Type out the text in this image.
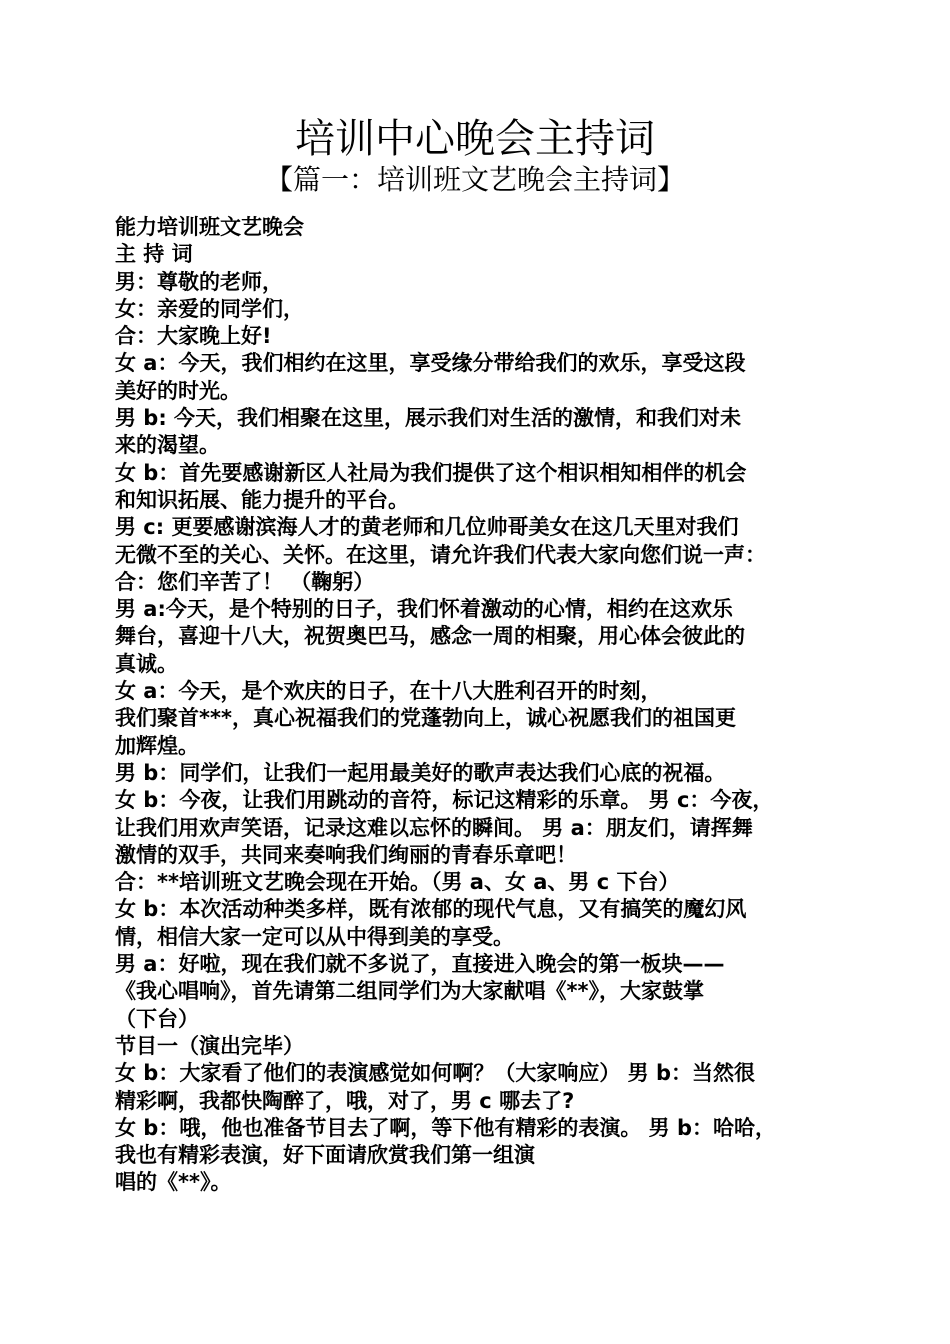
培训中心晚会主持词
【篇一：培训班文艺晚会主持词】
能力培训班文艺晚会
主 持 词
男：尊敬的老师，
女：亲爱的同学们，
合：大家晚上好!
女 a：今天，我们相约在这里，享受缘分带给我们的欢乐，享受这段
美好的时光。
男 b: 今天，我们相聚在这里，展示我们对生活的激情，和我们对未
来的渴望。
女 b：首先要感谢新区人社局为我们提供了这个相识相知相伴的机会
和知识拓展、能力提升的平台。
男 c: 更要感谢滨海人才的黄老师和几位帅哥美女在这几天里对我们
无微不至的关心、关怀。在这里，请允许我们代表大家向您们说一声：
合：您们辛苦了！ （鞠躬）
男 a:今天，是个特别的日子，我们怀着激动的心情，相约在这欢乐
舞台，喜迎十八大，祝贺奥巴马，感念一周的相聚，用心体会彼此的
真诚。
女 a：今天，是个欢庆的日子，在十八大胜利召开的时刻，
我们聚首***，真心祝福我们的党蓬勃向上，诚心祝愿我们的祖国更
加辉煌。
男 b：同学们，让我们一起用最美好的歌声表达我们心底的祝福。
女 b：今夜，让我们用跳动的音符，标记这精彩的乐章。 男 c：今夜，
让我们用欢声笑语，记录这难以忘怀的瞬间。 男 a：朋友们，请挥舞
激情的双手，共同来奏响我们绚丽的青春乐章吧！
合：**培训班文艺晚会现在开始。（男 a、女 a、男 c 下台）
女 b：本次活动种类多样，既有浓郁的现代气息，又有搞笑的魔幻风
情，相信大家一定可以从中得到美的享受。
男 a：好啦，现在我们就不多说了，直接进入晚会的第一板块——
《我心唱响》，首先请第二组同学们为大家献唱《**》，大家鼓掌
（下台）
节目一（演出完毕）
女 b：大家看了他们的表演感觉如何啊？（大家响应） 男 b：当然很
精彩啊，我都快陶醉了，哦，对了，男 c 哪去了?
女 b：哦，他也准备节目去了啊，等下他有精彩的表演。 男 b：哈哈，
我也有精彩表演，好下面请欣赏我们第一组演
唱的《**》。
